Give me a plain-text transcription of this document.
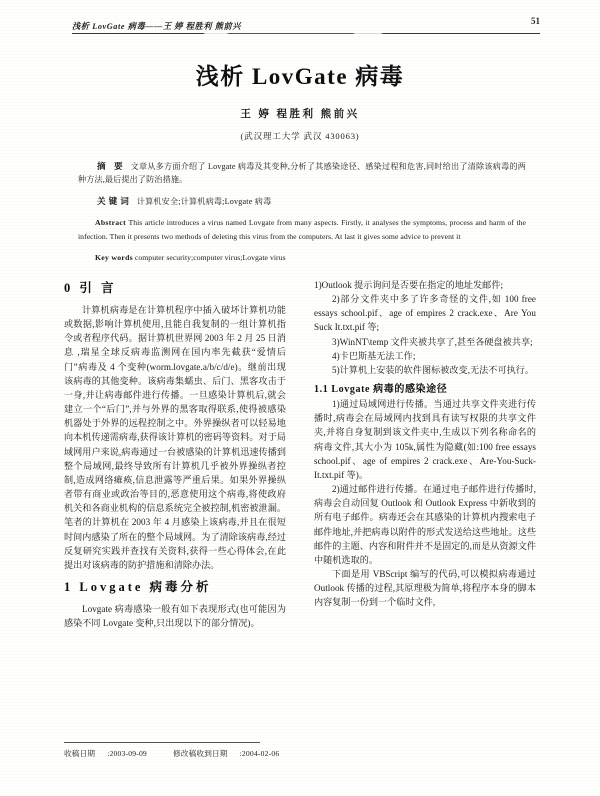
浅析 LovGate 病毒——王 婷 程胜利 熊前兴
51
浅析 LovGate 病毒
王 婷 程胜利 熊前兴
(武汉理工大学 武汉 430063)

摘 要 文章从多方面介绍了 Lovgate 病毒及其变种,分析了其感染途径、感染过程和危害,同时给出了清除该病毒的两种方法,最后提出了防治措施。

关键词 计算机安全;计算机病毒;Lovgate 病毒

Abstract This article introduces a virus named Lovgate from many aspects. Firstly, it analyses the symptoms, process and harm of the infection. Then it presents two methods of deleting this virus from the computers. At last it gives some advice to prevent it

Key words computer security;computer virus;Lovgate virus

0 引 言

计算机病毒是在计算机程序中插入破坏计算机功能或数据,影响计算机使用,且能自我复制的一组计算机指令或者程序代码。据计算机世界网 2003 年 2 月 25 日消息 ,瑞星全球反病毒监测网在国内率先截获“爱情后门”病毒及 4 个变种(worm.lovgate.a/b/c/d/e)。继前出现该病毒的其他变种。该病毒集蠕虫、后门、黑客攻击于一身,并让病毒邮件进行传播。一旦感染计算机后,就会建立一个“后门”,并与外界的黑客取得联系,使得被感染机器处于外界的远程控制之中。外界操纵者可以轻易地向本机传递需病毒,获得该计算机的密码等资料。对于局域网用户来说,病毒通过一台被感染的计算机迅速传播到整个局域网,最终导致所有计算机几乎被外界操纵者控制,造成网络瘫痪,信息泄露等严重后果。如果外界操纵者带有商业或政治等目的,恶意使用这个病毒,将使政府机关和各商业机构的信息系统完全被控制,机密被泄漏。笔者的计算机在 2003 年 4 月感染上该病毒,并且在很短时间内感染了所在的整个局域网。为了清除该病毒,经过反复研究实践并查找有关资料,获得一些心得体会,在此提出对该病毒的防护措施和清除办法。

1 Lovgate 病毒分析

Lovgate 病毒感染一般有如下表现形式(也可能因为感染不同 Lovgate 变种,只出现以下的部分情况)。

1)Outlook 提示询问是否要在指定的地址发邮件;

2)部分文件夹中多了许多奇怪的文件,如 100 free essays school.pif、age of empires 2 crack.exe、Are You Suck It.txt.pif 等;

3)WinNT\temp 文件夹被共享了,甚至各硬盘被共享;

4)卡巴斯基无法工作;

5)计算机上安装的软件图标被改变,无法不可执行。

1.1 Lovgate 病毒的感染途径

1)通过局域网进行传播。当通过共享文件夹进行传播时,病毒会在局域网内找到具有读写权限的共享文件夹,并将自身复制到该文件夹中,生成以下列名称命名的病毒文件,其大小为 105k,属性为隐藏(如:100 free essays school.pif、age of empires 2 crack.exe、Are-You-Suck-It.txt.pif 等)。

2)通过邮件进行传播。在通过电子邮件进行传播时,病毒会自动回复 Outlook 和 Outlook Express 中新收到的所有电子邮件。病毒还会在其感染的计算机内搜索电子邮件地址,并把病毒以附件的形式发送给这些地址。这些邮件的主题、内容和附件并不是固定的,而是从资源文件中随机选取的。

下面是用 VBScript 编写的代码,可以模拟病毒通过 Outlook 传播的过程,其原理极为简单,将程序本身的脚本内容复制一份到一个临时文件,

收稿日期 :2003-09-09	修改稿收到日期 :2004-02-06
